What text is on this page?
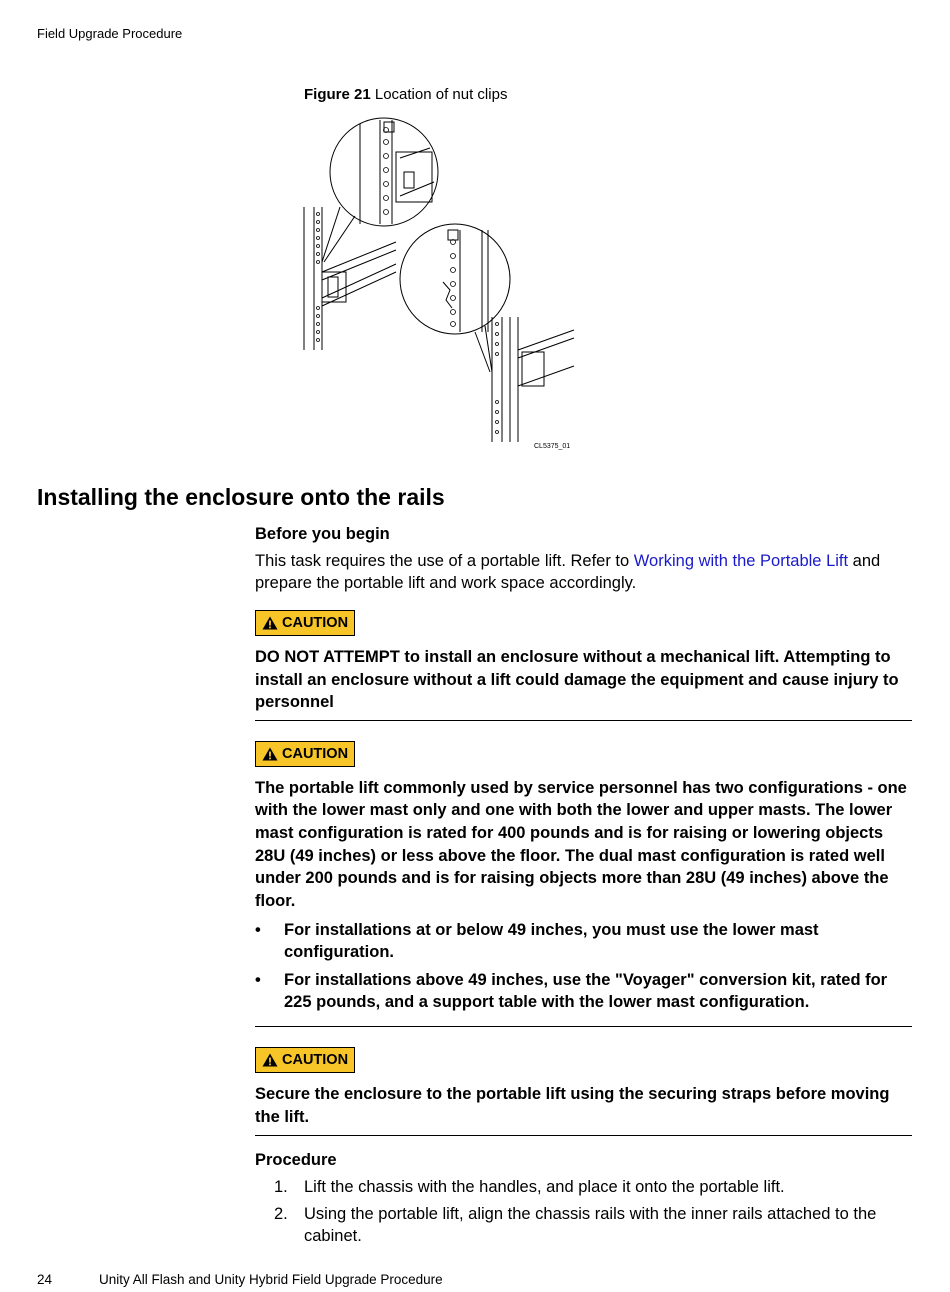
Field Upgrade Procedure
Figure 21 Location of nut clips
CL5375_01
Installing the enclosure onto the rails
Before you begin

This task requires the use of a portable lift. Refer to Working with the Portable Lift and prepare the portable lift and work space accordingly.

CAUTION

DO NOT ATTEMPT to install an enclosure without a mechanical lift. Attempting to install an enclosure without a lift could damage the equipment and cause injury to personnel

CAUTION

The portable lift commonly used by service personnel has two configurations - one with the lower mast only and one with both the lower and upper masts. The lower mast configuration is rated for 400 pounds and is for raising or lowering objects 28U (49 inches) or less above the floor. The dual mast configuration is rated well under 200 pounds and is for raising objects more than 28U (49 inches) above the floor.

• For installations at or below 49 inches, you must use the lower mast configuration.
• For installations above 49 inches, use the "Voyager" conversion kit, rated for 225 pounds, and a support table with the lower mast configuration.
CAUTION

Secure the enclosure to the portable lift using the securing straps before moving the lift.

Procedure
1. Lift the chassis with the handles, and place it onto the portable lift.
2. Using the portable lift, align the chassis rails with the inner rails attached to the cabinet.
24	Unity All Flash and Unity Hybrid Field Upgrade Procedure
